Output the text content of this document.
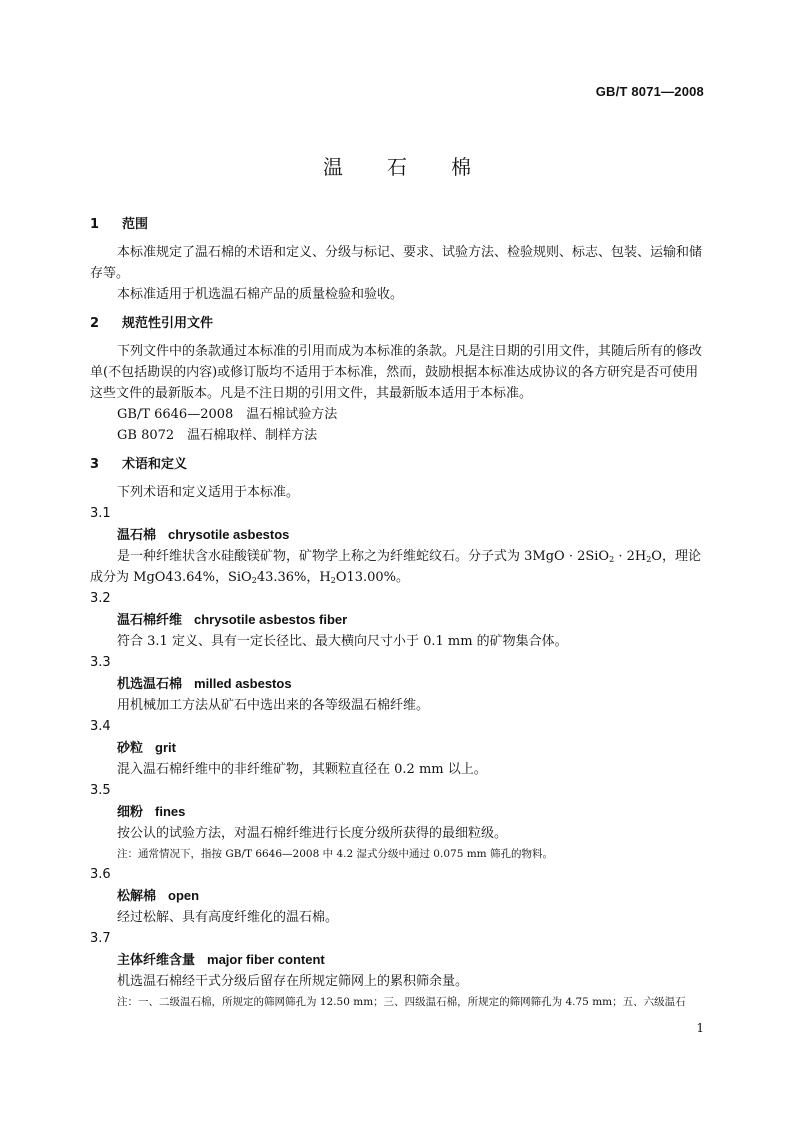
GB/T 8071—2008
温石棉
1 范围

本标准规定了温石棉的术语和定义、分级与标记、要求、试验方法、检验规则、标志、包装、运输和储存等。

本标准适用于机选温石棉产品的质量检验和验收。

2 规范性引用文件

下列文件中的条款通过本标准的引用而成为本标准的条款。凡是注日期的引用文件，其随后所有的修改单(不包括勘误的内容)或修订版均不适用于本标准，然而，鼓励根据本标准达成协议的各方研究是否可使用这些文件的最新版本。凡是不注日期的引用文件，其最新版本适用于本标准。

GB/T 6646—2008　温石棉试验方法

GB 8072　温石棉取样、制样方法

3 术语和定义

下列术语和定义适用于本标准。

3.1

温石棉 chrysotile asbestos

是一种纤维状含水硅酸镁矿物，矿物学上称之为纤维蛇纹石。分子式为 $3MgO \cdot 2SiO_2 \cdot 2H_2O$，理论成分为 MgO43.64%，SiO$_2$43.36%，$H_2O13.00\%$。

3.2

温石棉纤维 chrysotile asbestos fiber

符合 3.1 定义、具有一定长径比、最大横向尺寸小于 0.1 mm 的矿物集合体。

3.3

机选温石棉 milled asbestos

用机械加工方法从矿石中选出来的各等级温石棉纤维。

3.4

砂粒 grit

混入温石棉纤维中的非纤维矿物，其颗粒直径在 0.2 mm 以上。

3.5

细粉 fines

按公认的试验方法，对温石棉纤维进行长度分级所获得的最细粒级。

注：通常情况下，指按 GB/T 6646—2008 中 4.2 湿式分级中通过 0.075 mm 筛孔的物料。

3.6

松解棉 open

经过松解、具有高度纤维化的温石棉。

3.7

主体纤维含量 major fiber content

机选温石棉经干式分级后留存在所规定筛网上的累积筛余量。

注：一、二级温石棉，所规定的筛网筛孔为 12.50 mm；三、四级温石棉，所规定的筛网筛孔为 4.75 mm；五、六级温石

1
